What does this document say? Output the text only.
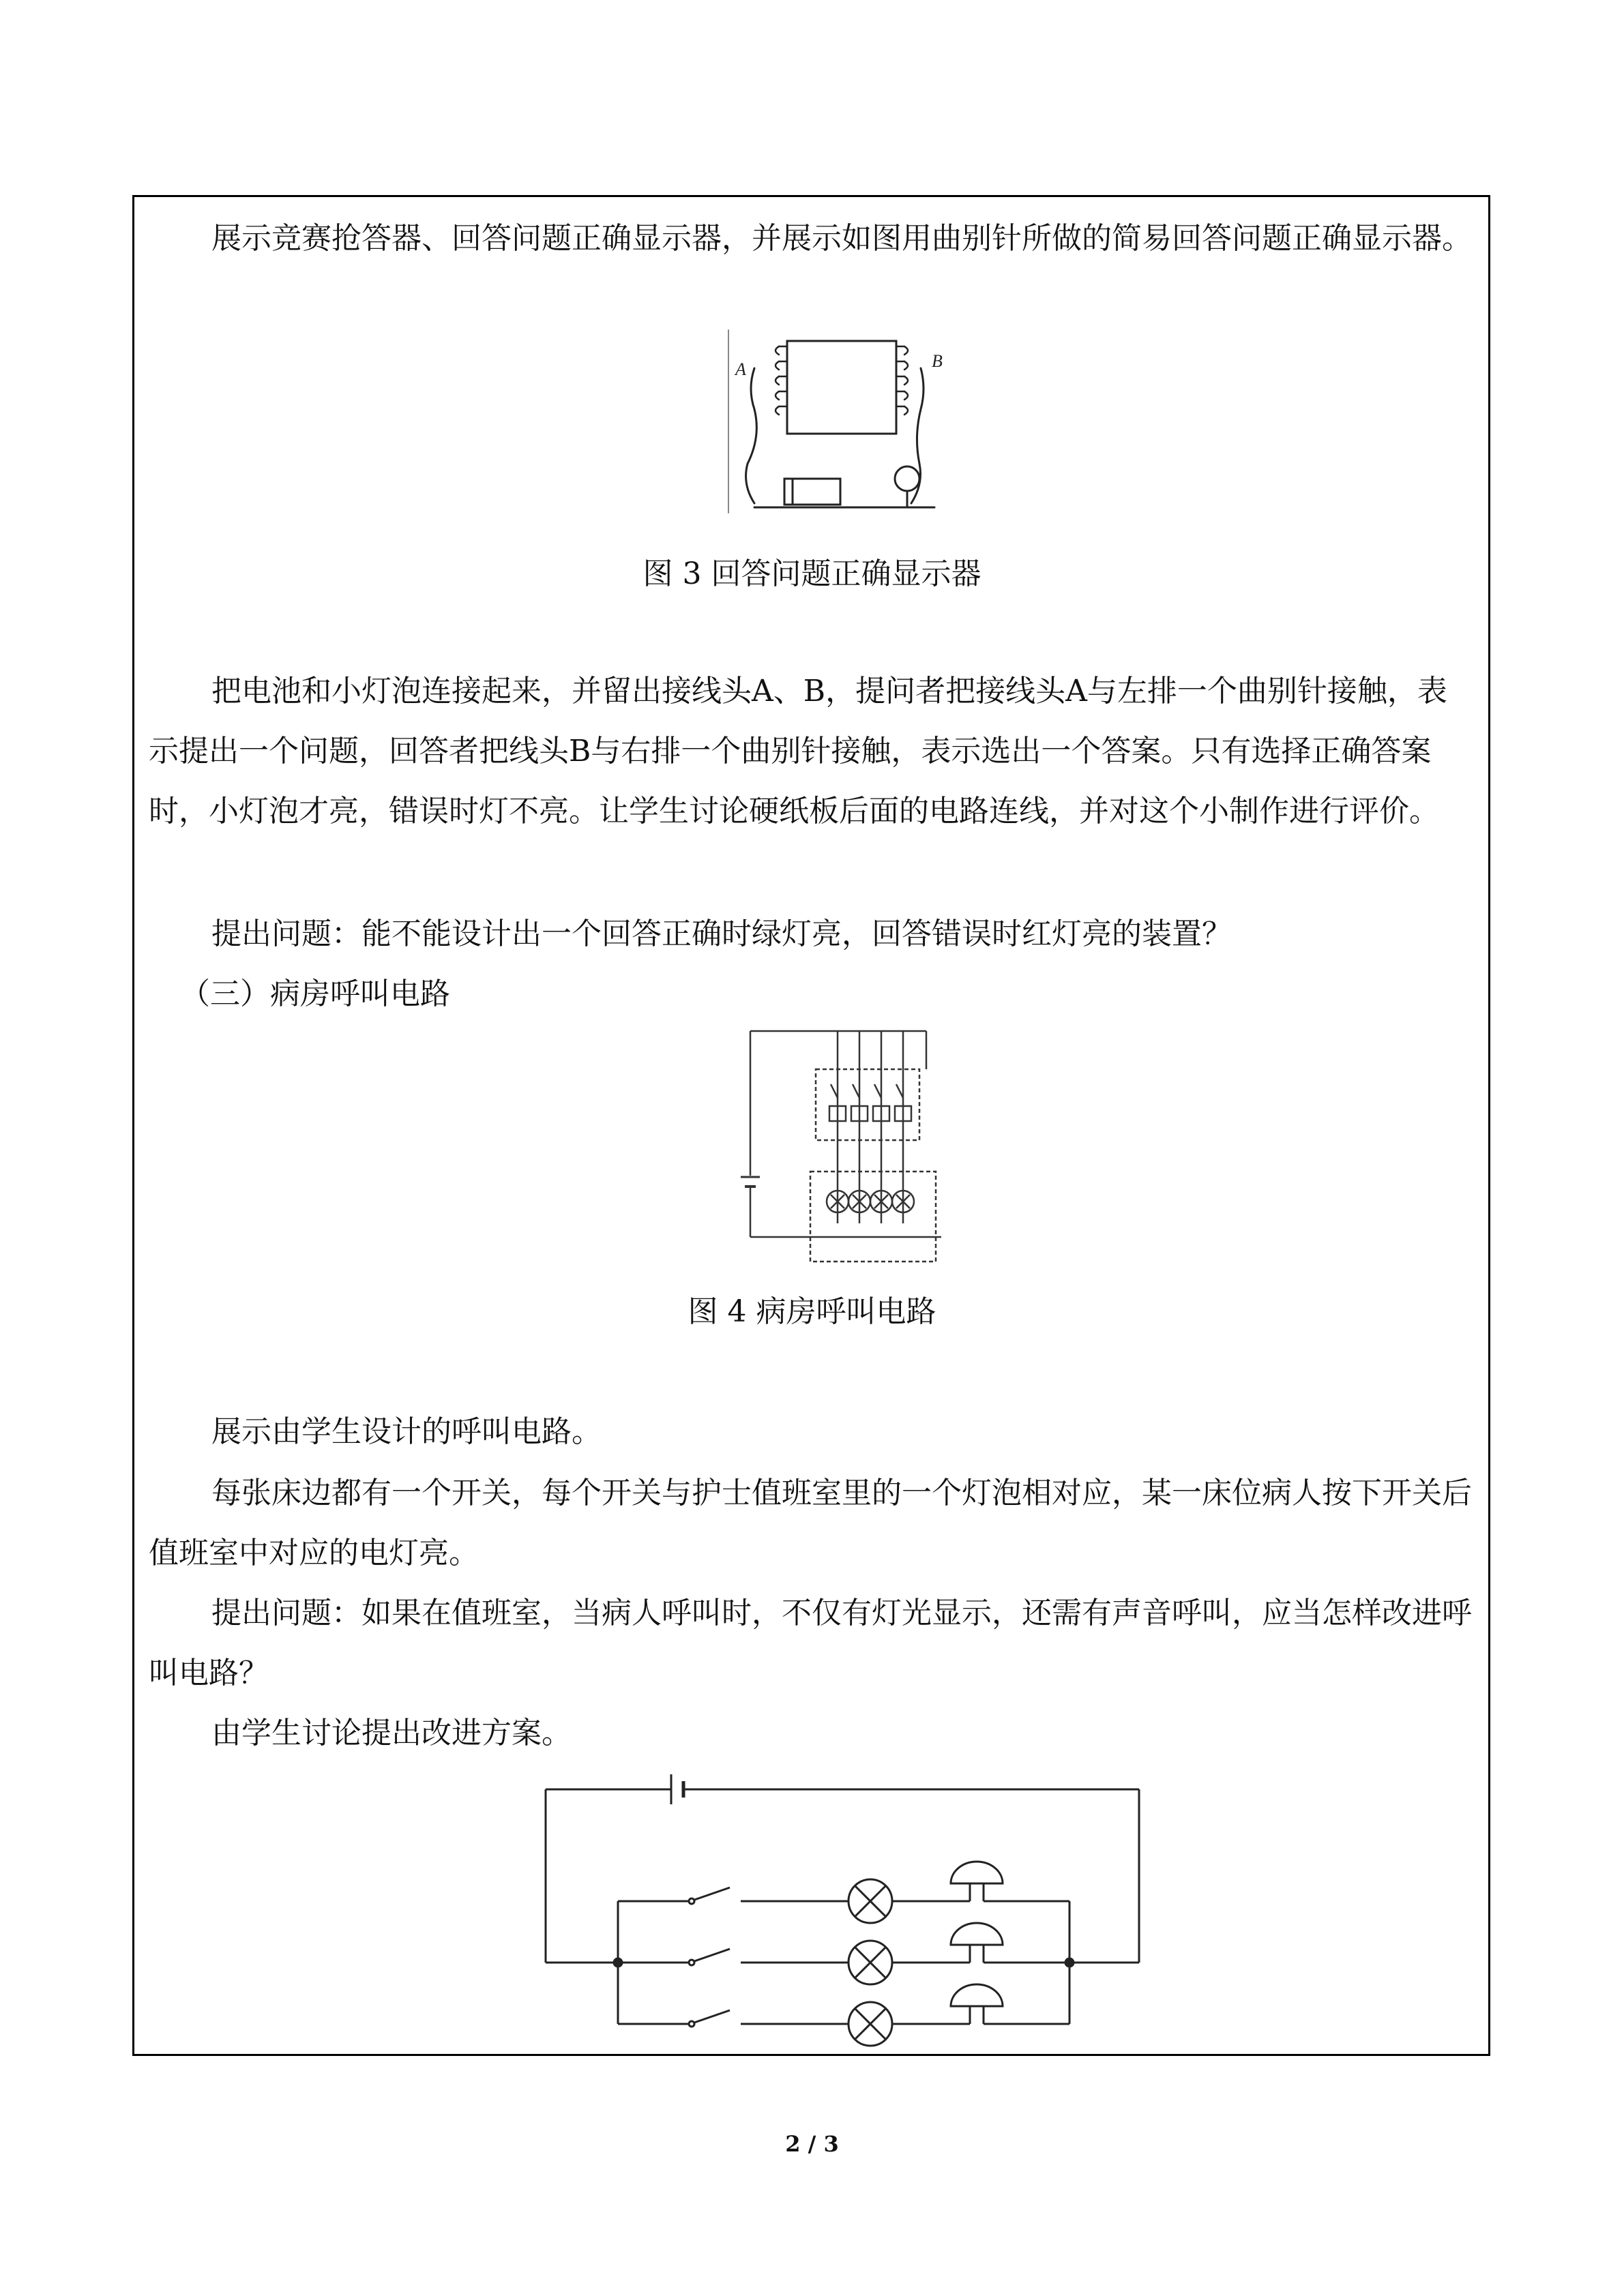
展示竞赛抢答器、回答问题正确显示器，并展示如图用曲别针所做的简易回答问题正确显示器。

A	B
图 3 回答问题正确显示器

把电池和小灯泡连接起来，并留出接线头A、B，提问者把接线头A与左排一个曲别针接触，表示提出一个问题，回答者把线头B与右排一个曲别针接触，表示选出一个答案。只有选择正确答案时，小灯泡才亮，错误时灯不亮。让学生讨论硬纸板后面的电路连线，并对这个小制作进行评价。

提出问题：能不能设计出一个回答正确时绿灯亮，回答错误时红灯亮的装置？

（三）病房呼叫电路

图 4 病房呼叫电路

展示由学生设计的呼叫电路。

每张床边都有一个开关，每个开关与护士值班室里的一个灯泡相对应，某一床位病人按下开关后值班室中对应的电灯亮。

提出问题：如果在值班室，当病人呼叫时，不仅有灯光显示，还需有声音呼叫，应当怎样改进呼叫电路？

由学生讨论提出改进方案。

2 / 3
